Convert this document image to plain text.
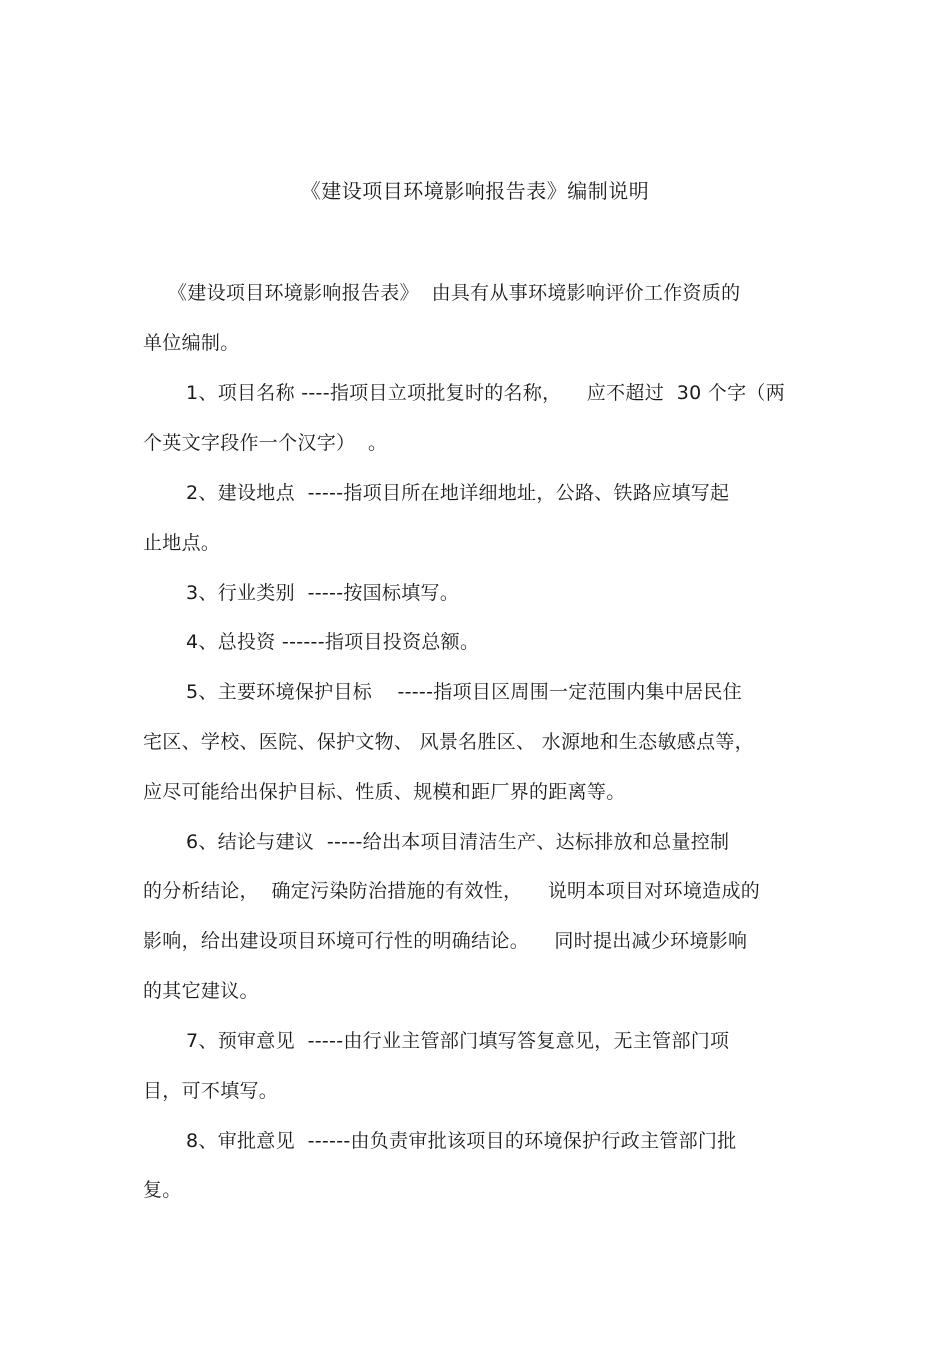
《建设项目环境影响报告表》编制说明
《建设项目环境影响报告表》  由具有从事环境影响评价工作资质的
单位编制。
1、项目名称 ----指项目立项批复时的名称，    应不超过  30 个字（两
个英文字段作一个汉字）  。
2、建设地点  -----指项目所在地详细地址，公路、铁路应填写起
止地点。
3、行业类别  -----按国标填写。
4、总投资 ------指项目投资总额。
5、主要环境保护目标    -----指项目区周围一定范围内集中居民住
宅区、学校、医院、保护文物、 风景名胜区、 水源地和生态敏感点等，
应尽可能给出保护目标、性质、规模和距厂界的距离等。
6、结论与建议  -----给出本项目清洁生产、达标排放和总量控制
的分析结论，  确定污染防治措施的有效性，    说明本项目对环境造成的
影响，给出建设项目环境可行性的明确结论。    同时提出减少环境影响
的其它建议。
7、预审意见  -----由行业主管部门填写答复意见，无主管部门项
目，可不填写。
8、审批意见  ------由负责审批该项目的环境保护行政主管部门批
复。
